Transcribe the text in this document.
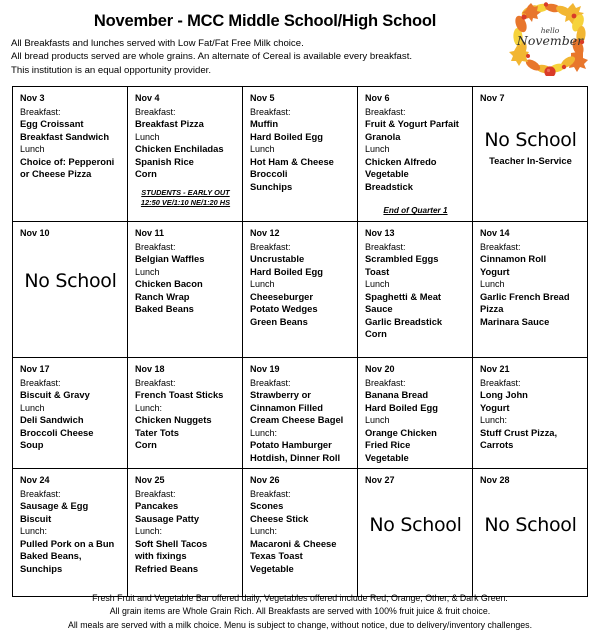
November - MCC Middle School/High School
All Breakfasts and lunches served with Low Fat/Fat Free Milk choice.
All bread products served are whole grains. An alternate of Cereal is available every breakfast.
This institution is an equal opportunity provider.
hello
November
Nov 3
Breakfast:
Egg Croissant
Breakfast Sandwich
Lunch
Choice of: Pepperoni
or Cheese Pizza

Nov 4
Breakfast:
Breakfast Pizza
Lunch
Chicken Enchiladas
Spanish Rice
Corn
STUDENTS - EARLY OUT
12:50 VE/1:10 NE/1:20 HS

Nov 5
Breakfast:
Muffin
Hard Boiled Egg
Lunch
Hot Ham & Cheese
Broccoli
Sunchips

Nov 6
Breakfast:
Fruit & Yogurt Parfait
Granola
Lunch
Chicken Alfredo
Vegetable
Breadstick
End of Quarter 1

Nov 7
No School
Teacher In-Service

Nov 10
No School

Nov 11
Breakfast:
Belgian Waffles
Lunch
Chicken Bacon
Ranch Wrap
Baked Beans

Nov 12
Breakfast:
Uncrustable
Hard Boiled Egg
Lunch
Cheeseburger
Potato Wedges
Green Beans

Nov 13
Breakfast:
Scrambled Eggs
Toast
Lunch
Spaghetti & Meat
Sauce
Garlic Breadstick
Corn

Nov 14
Breakfast:
Cinnamon Roll
Yogurt
Lunch
Garlic French Bread
Pizza
Marinara Sauce

Nov 17
Breakfast:
Biscuit & Gravy
Lunch
Deli Sandwich
Broccoli Cheese
Soup

Nov 18
Breakfast:
French Toast Sticks
Lunch:
Chicken Nuggets
Tater Tots
Corn

Nov 19
Breakfast:
Strawberry or
Cinnamon Filled
Cream Cheese Bagel
Lunch:
Potato Hamburger
Hotdish, Dinner Roll

Nov 20
Breakfast:
Banana Bread
Hard Boiled Egg
Lunch
Orange Chicken
Fried Rice
Vegetable

Nov 21
Breakfast:
Long John
Yogurt
Lunch:
Stuff Crust Pizza,
Carrots

Nov 24
Breakfast:
Sausage & Egg
Biscuit
Lunch:
Pulled Pork on a Bun
Baked Beans,
Sunchips

Nov 25
Breakfast:
Pancakes
Sausage Patty
Lunch:
Soft Shell Tacos
with fixings
Refried Beans

Nov 26
Breakfast:
Scones
Cheese Stick
Lunch:
Macaroni & Cheese
Texas Toast
Vegetable

Nov 27
No School

Nov 28
No School
Fresh Fruit and Vegetable Bar offered daily, Vegetables offered include Red, Orange, Other, & Dark Green.
All grain items are Whole Grain Rich. All Breakfasts are served with 100% fruit juice & fruit choice.
All meals are served with a milk choice. Menu is subject to change, without notice, due to delivery/inventory challenges.
